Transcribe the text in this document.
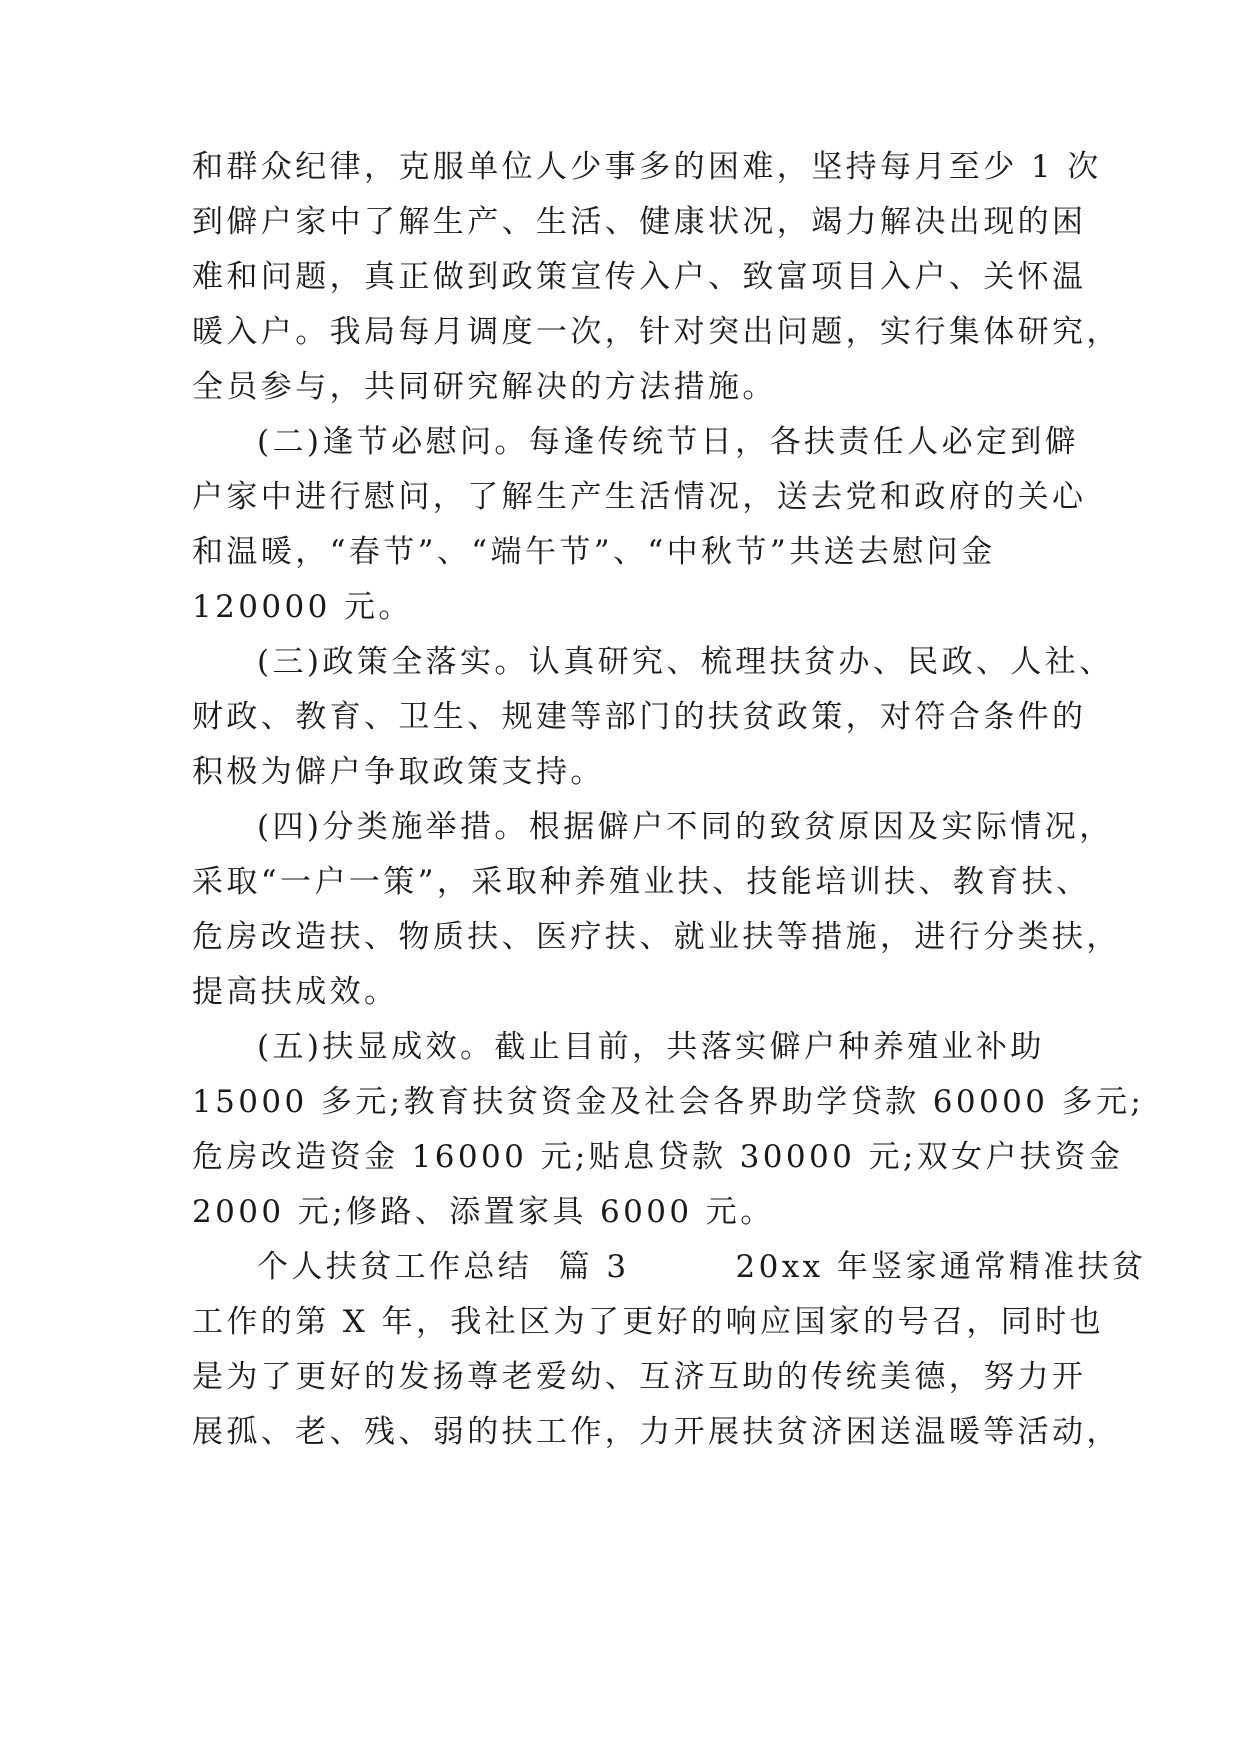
和群众纪律，克服单位人少事多的困难，坚持每月至少 1 次
到僻户家中了解生产、生活、健康状况，竭力解决出现的困
难和问题，真正做到政策宣传入户、致富项目入户、关怀温
暖入户。我局每月调度一次，针对突出问题，实行集体研究，
全员参与，共同研究解决的方法措施。
(二)逢节必慰问。每逢传统节日，各扶责任人必定到僻
户家中进行慰问，了解生产生活情况，送去党和政府的关心
和温暖，“春节”、“端午节”、“中秋节”共送去慰问金
120000 元。
(三)政策全落实。认真研究、梳理扶贫办、民政、人社、
财政、教育、卫生、规建等部门的扶贫政策，对符合条件的
积极为僻户争取政策支持。
(四)分类施举措。根据僻户不同的致贫原因及实际情况，
采取“一户一策”，采取种养殖业扶、技能培训扶、教育扶、
危房改造扶、物质扶、医疗扶、就业扶等措施，进行分类扶，
提高扶成效。
(五)扶显成效。截止目前，共落实僻户种养殖业补助
15000 多元;教育扶贫资金及社会各界助学贷款 60000 多元;
危房改造资金 16000 元;贴息贷款 30000 元;双女户扶资金
2000 元;修路、添置家具 6000 元。
个人扶贫工作总结  篇 3        20xx 年竖家通常精准扶贫
工作的第 X 年，我社区为了更好的响应国家的号召，同时也
是为了更好的发扬尊老爱幼、互济互助的传统美德，努力开
展孤、老、残、弱的扶工作，力开展扶贫济困送温暖等活动，
